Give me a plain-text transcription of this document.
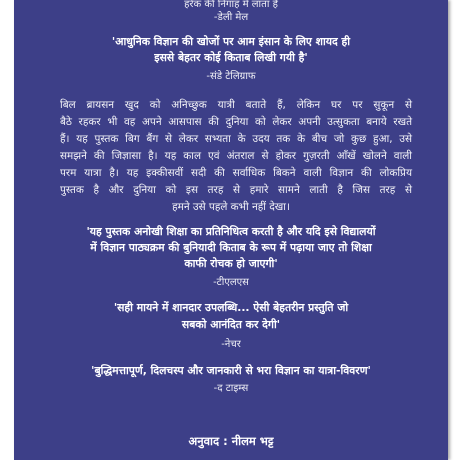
हरेक की निगाह में लाता है
-डेली मेल
'आधुनिक विज्ञान की खोजों पर आम इंसान के लिए शायद ही
इससे बेहतर कोई किताब लिखी गयी है'
-संडे टेलिग्राफ
बिल ब्रायसन खुद को अनिच्छुक यात्री बताते हैं, लेकिन घर पर सुकून से
बैठे रहकर भी वह अपने आसपास की दुनिया को लेकर अपनी उत्सुकता बनाये रखते
हैं। यह पुस्तक बिग बैंग से लेकर सभ्यता के उदय तक के बीच जो कुछ हुआ, उसे
समझने की जिज्ञासा है। यह काल एवं अंतराल से होकर गुज़रती आँखें खोलने वाली
परम यात्रा है। यह इक्कीसवीं सदी की सर्वाधिक बिकने वाली विज्ञान की लोकप्रिय
पुस्तक है और दुनिया को इस तरह से हमारे सामने लाती है जिस तरह से
हमने उसे पहले कभी नहीं देखा।
'यह पुस्तक अनोखी शिक्षा का प्रतिनिधित्व करती है और यदि इसे विद्यालयों
में विज्ञान पाठ्यक्रम की बुनियादी किताब के रूप में पढ़ाया जाए तो शिक्षा
काफी रोचक हो जाएगी'
-टीएलएस
'सही मायने में शानदार उपलब्धि... ऐसी बेहतरीन प्रस्तुति जो
सबको आनंदित कर देगी'
-नेचर
'बुद्धिमत्तापूर्ण, दिलचस्प और जानकारी से भरा विज्ञान का यात्रा-विवरण'
-द टाइम्स
अनुवाद : नीलम भट्ट
